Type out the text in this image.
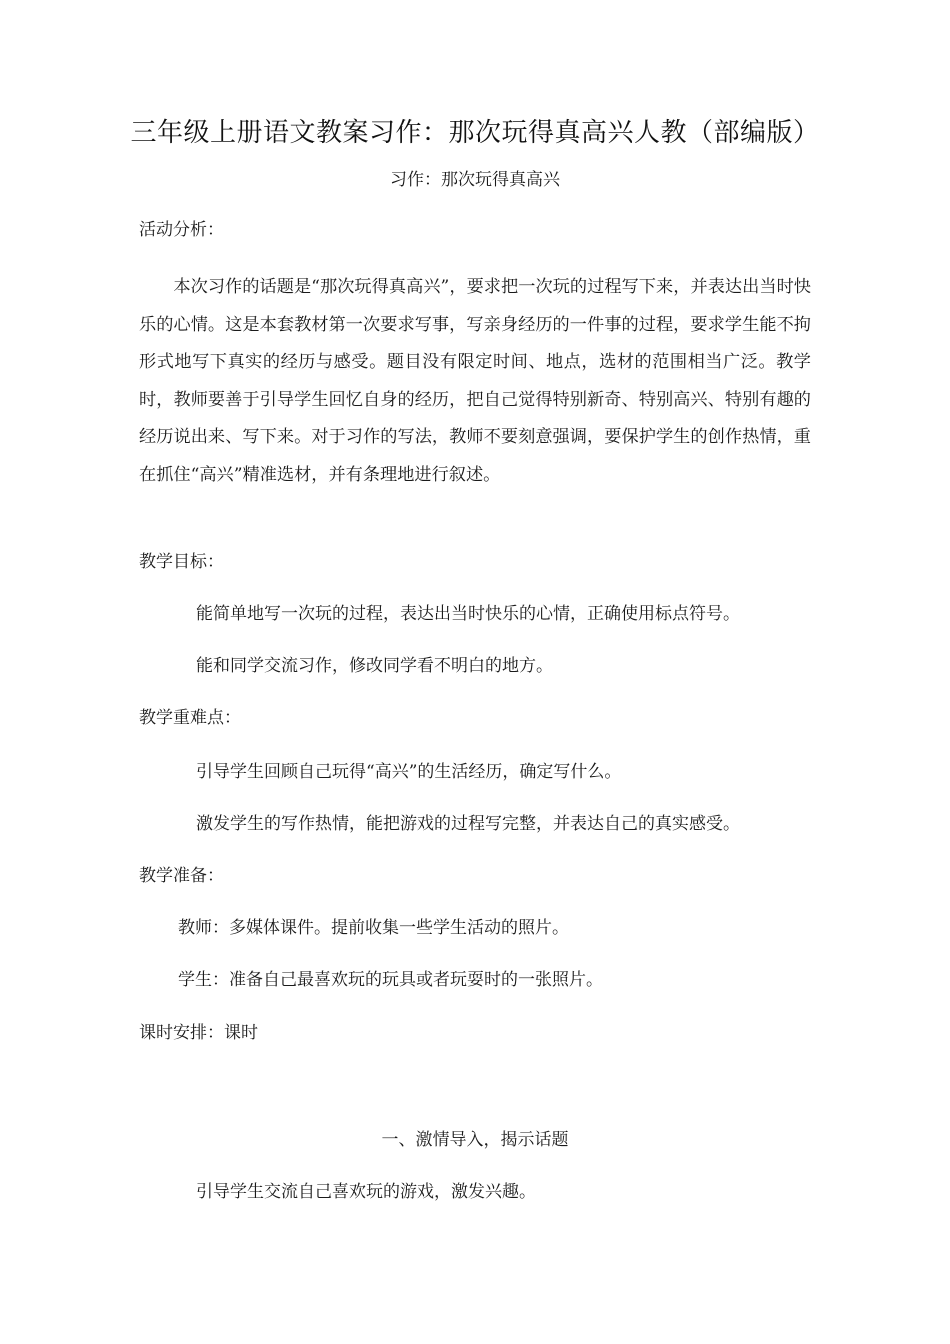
三年级上册语文教案习作：那次玩得真高兴人教（部编版）
习作：那次玩得真高兴
活动分析：
本次习作的话题是“那次玩得真高兴”，要求把一次玩的过程写下来，并表达出当时快乐的心情。这是本套教材第一次要求写事，写亲身经历的一件事的过程，要求学生能不拘形式地写下真实的经历与感受。题目没有限定时间、地点，选材的范围相当广泛。教学时，教师要善于引导学生回忆自身的经历，把自己觉得特别新奇、特别高兴、特别有趣的经历说出来、写下来。对于习作的写法，教师不要刻意强调，要保护学生的创作热情，重在抓住“高兴”精准选材，并有条理地进行叙述。
教学目标：
能简单地写一次玩的过程，表达出当时快乐的心情，正确使用标点符号。
能和同学交流习作，修改同学看不明白的地方。
教学重难点：
引导学生回顾自己玩得“高兴”的生活经历，确定写什么。
激发学生的写作热情，能把游戏的过程写完整，并表达自己的真实感受。
教学准备：
教师：多媒体课件。提前收集一些学生活动的照片。
学生：准备自己最喜欢玩的玩具或者玩耍时的一张照片。
课时安排：课时
一、激情导入，揭示话题
引导学生交流自己喜欢玩的游戏，激发兴趣。
